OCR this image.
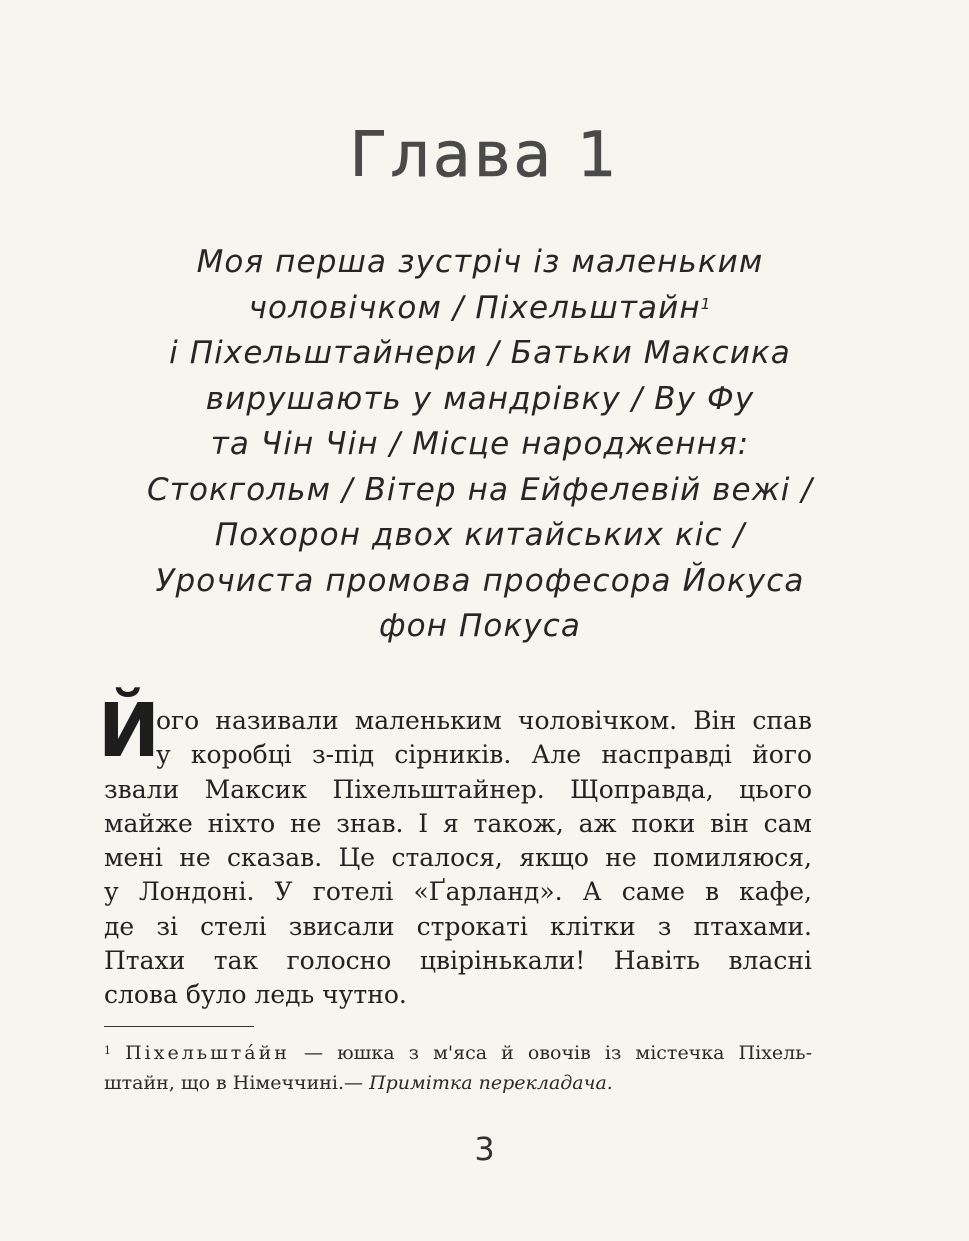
Глава 1
Моя перша зустріч із маленьким
чоловічком / Піхельштайн$^1$
і Піхельштайнери / Батьки Максика
вирушають у мандрівку / Ву Фу
та Чін Чін / Місце народження:
Стокгольм / Вітер на Ейфелевій вежі /
Похорон двох китайських кіс /
Урочиста промова професора Йокуса
фон Покуса
Й
ого називали маленьким чоловічком. Він спав
у коробці з-під сірників. Але насправді його
звали Максик Піхельштайнер. Щоправда, цього
майже ніхто не знав. І я також, аж поки він сам
мені не сказав. Це сталося, якщо не помиляюся,
у Лондоні. У готелі «Ґарланд». А саме в кафе,
де зі стелі звисали строкаті клітки з птахами.
Птахи так голосно цвірінькали! Навіть власні
слова було ледь чутно.
$^1$ Піхельшта́йн — юшка з м'яса й овочів із містечка Піхель-
штайн, що в Німеччині.— Примітка перекладача.
3
